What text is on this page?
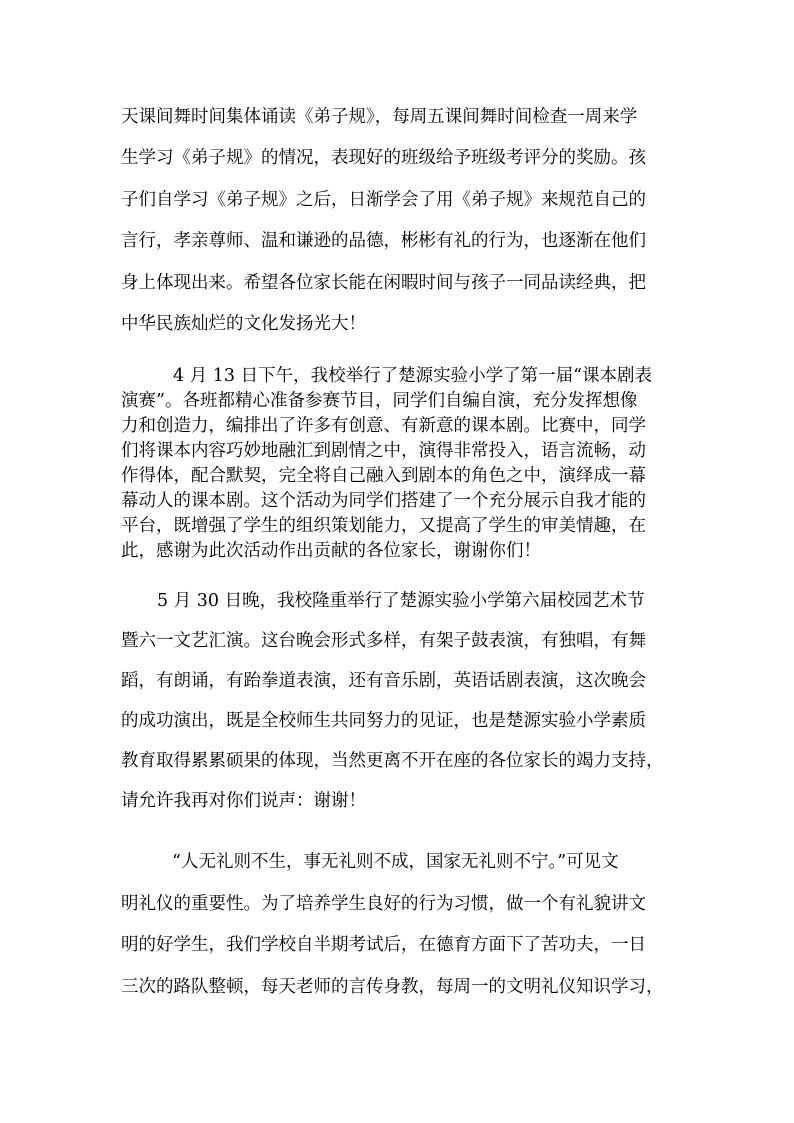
天课间舞时间集体诵读《弟子规》，每周五课间舞时间检查一周来学
生学习《弟子规》的情况，表现好的班级给予班级考评分的奖励。孩
子们自学习《弟子规》之后，日渐学会了用《弟子规》来规范自己的
言行，孝亲尊师、温和谦逊的品德，彬彬有礼的行为，也逐渐在他们
身上体现出来。希望各位家长能在闲暇时间与孩子一同品读经典，把
中华民族灿烂的文化发扬光大！
4 月 13 日下午，我校举行了楚源实验小学了第一届“课本剧表
演赛”。各班都精心准备参赛节目，同学们自编自演，充分发挥想像
力和创造力，编排出了许多有创意、有新意的课本剧。比赛中，同学
们将课本内容巧妙地融汇到剧情之中，演得非常投入，语言流畅，动
作得体，配合默契，完全将自己融入到剧本的角色之中，演绎成一幕
幕动人的课本剧。这个活动为同学们搭建了一个充分展示自我才能的
平台，既增强了学生的组织策划能力，又提高了学生的审美情趣，在
此，感谢为此次活动作出贡献的各位家长，谢谢你们！
5 月 30 日晚，我校隆重举行了楚源实验小学第六届校园艺术节
暨六一文艺汇演。这台晚会形式多样，有架子鼓表演，有独唱，有舞
蹈，有朗诵，有跆拳道表演，还有音乐剧，英语话剧表演，这次晚会
的成功演出，既是全校师生共同努力的见证，也是楚源实验小学素质
教育取得累累硕果的体现，当然更离不开在座的各位家长的竭力支持，
请允许我再对你们说声：谢谢！
“人无礼则不生，事无礼则不成，国家无礼则不宁。”可见文
明礼仪的重要性。为了培养学生良好的行为习惯，做一个有礼貌讲文
明的好学生，我们学校自半期考试后，在德育方面下了苦功夫，一日
三次的路队整顿，每天老师的言传身教，每周一的文明礼仪知识学习，
